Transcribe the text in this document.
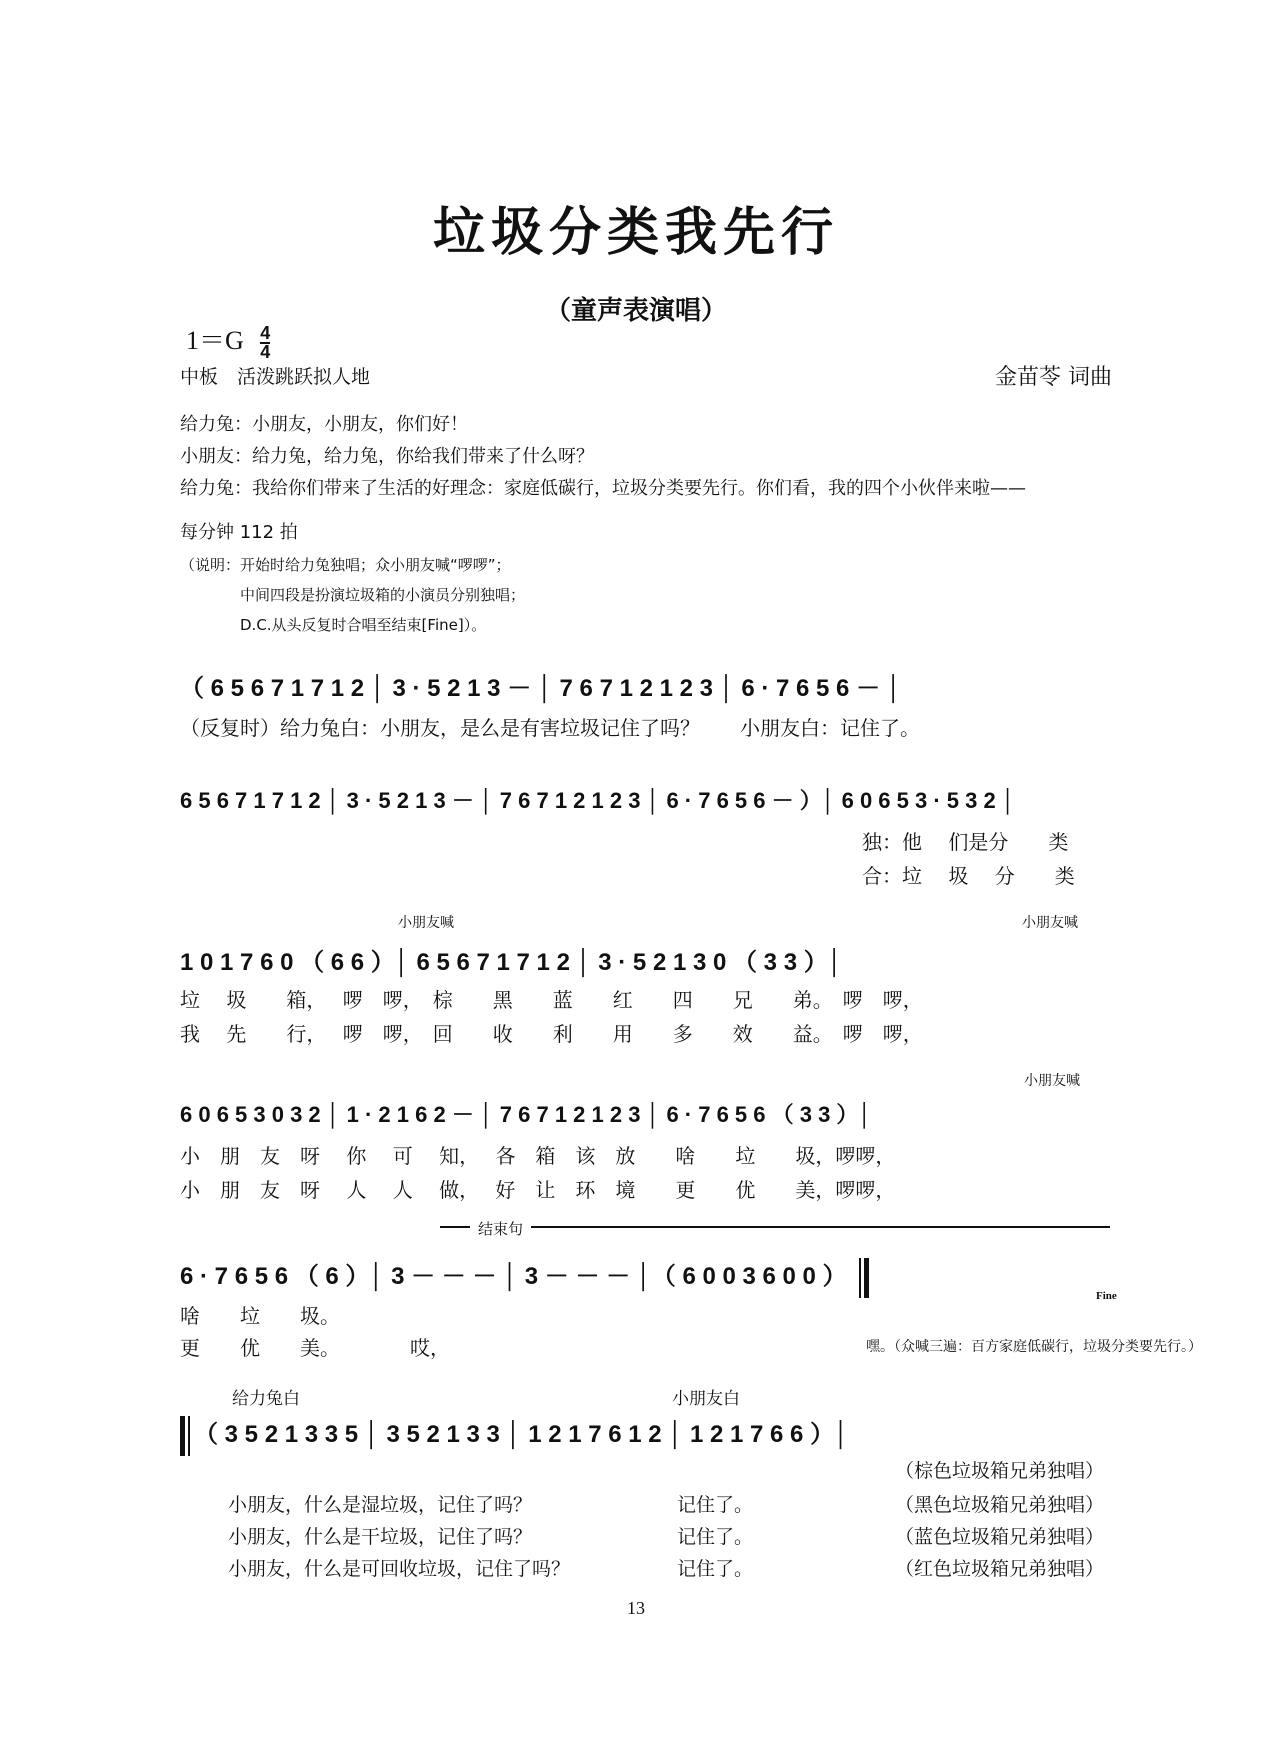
垃圾分类我先行
（童声表演唱）
$1=G \frac{4}{4}$
中板　活泼跳跃拟人地	金苗苓 词曲
给力兔：小朋友，小朋友，你们好！
小朋友：给力兔，给力兔，你给我们带来了什么呀？
给力兔：我给你们带来了生活的好理念：家庭低碳行，垃圾分类要先行。你们看，我的四个小伙伴来啦——
每分钟 112 拍
（说明：开始时给力兔独唱；众小朋友喊“啰啰”；
中间四段是扮演垃圾箱的小演员分别独唱；
D.C.从头反复时合唱至结束[Fine]）。
（ 6 5 6 7 1 7 1 2 │ 3 · 5 2 1 3 － │ 7 6 7 1 2 1 2 3 │ 6 · 7 6 5 6 － │
（反复时）给力兔白：小朋友，是么是有害垃圾记住了吗？　　小朋友白：记住了。
6 5 6 7 1 7 1 2 │ 3 · 5 2 1 3 － │ 7 6 7 1 2 1 2 3 │ 6 · 7 6 5 6 － ）│ 6 0 6 5 3 · 5 3 2 │
独：他　 们是分　　类
合：垃　 圾　 分　　类
小朋友喊	小朋友喊
1 0 1 7 6 0 （ 6 6 ）│ 6 5 6 7 1 7 1 2 │ 3 · 5 2 1 3 0 （ 3 3 ）│
垃　 圾　　箱，　 啰　啰，　棕　　黑　　蓝　　红　　四　　兄　　弟。　啰　啰，
我　 先　　行，　 啰　啰，　回　　收　　利　　用　　多　　效　　益。　啰　啰，
小朋友喊
6 0 6 5 3 0 3 2 │ 1 · 2 1 6 2 － │ 7 6 7 1 2 1 2 3 │ 6 · 7 6 5 6 （ 3 3 ）│
小　朋　友　呀　 你　 可　 知，　 各　箱　该　放　　啥　　垃　　圾，啰啰，
小　朋　友　呀　 人　 人　 做，　 好　让　环　境　　更　　优　　美，啰啰，
结束句
6 · 7 6 5 6 （ 6 ）│ 3 － － － │ 3 － － － │（ 6 0 0 3 6 0 0 ）
Fine
啥　　垃　　圾。
更　　优　　美。　　　　哎，	嘿。（众喊三遍：百方家庭低碳行，垃圾分类要先行。）
给力兔白	小朋友白
（ 3 5 2 1 3 3 5 │ 3 5 2 1 3 3 │ 1 2 1 7 6 1 2 │ 1 2 1 7 6 6 ）│
（棕色垃圾箱兄弟独唱）
小朋友，什么是湿垃圾，记住了吗？	记住了。	（黑色垃圾箱兄弟独唱）
小朋友，什么是干垃圾，记住了吗？	记住了。	（蓝色垃圾箱兄弟独唱）
小朋友，什么是可回收垃圾，记住了吗？	记住了。	（红色垃圾箱兄弟独唱）
13
